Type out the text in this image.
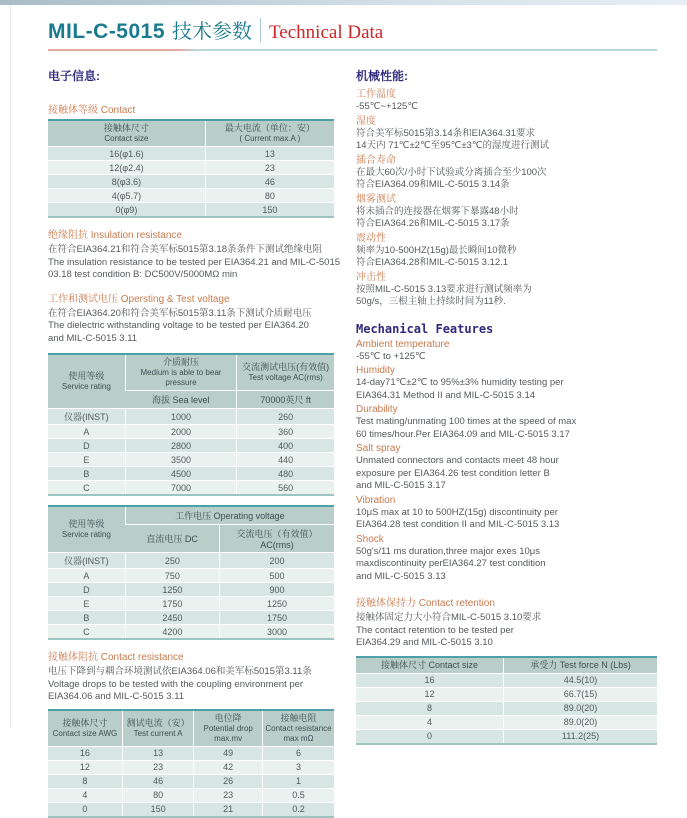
MIL-C-5015 技术参数 Technical Data
电子信息:
接触体等级 Contact
接触体尺寸
Contact size

最大电流（单位：安）
( Current max.A )

16(φ1.6)	13
12(φ2.4)	23
8(φ3.6)	46
4(φ5.7)	80
0(φ9)	150
绝缘阻抗 Insulation resistance
在符合EIA364.21和符合美军标5015第3.18条条件下测试绝缘电阻
The insulation resistance to be tested per EIA364.21 and MIL-C-5015
03.18 test condition B: DC500V/5000MΩ min
工作和测试电压 Opersting & Test voltage
在符合EIA364.20和符合美军标5015第3.11条下测试介质耐电压
The dielectric withstanding voltage to be tested per EIA364.20
and MIL-C-5015 3.11
使用等级
Service rating

介质耐压
Medium is able to bear pressure

交流测试电压(有效值)
Test voltage AC(rms)

	海拔 Sea level	70000英尺 ft
仪器(INST)	1000	260
A	2000	360
D	2800	400
E	3500	440
B	4500	480
C	7000	560
使用等级
Service rating	工作电压 Operating voltage	
	直流电压 DC	交流电压（有效值）AC(rms)
仪器(INST)	250	200
A	750	500
D	1250	900
E	1750	1250
B	2450	1750
C	4200	3000
接触体阻抗 Contact resistance
电压下降到与耦合环境测试依EIA364.06和美军标5015第3.11条
Voltage drops to be tested with the coupling environment per
EIA364.06 and MIL-C-5015 3.11
接触体尺寸
Contact size AWG

测试电流（安）
Test current A

电位降
Potential drop
max.mv

接触电阻
Contact resistance
max mΩ

16	13	49	6
12	23	42	3
8	46	26	1
4	80	23	0.5
0	150	21	0.2
机械性能:
工作温度
-55℃~+125℃
湿度
符合美军标5015第3.14条和EIA364.31要求
14天内 71℃±2℃至95℃±3℃的湿度进行测试
插合寿命
在最大60次/小时下试验或分离插合至少100次
符合EIA364.09和MIL-C-5015 3.14条
烟雾测试
将未插合的连接器在烟雾下暴露48小时
符合EIA364.26和MIL-C-5015 3.17条
震动性
频率为10-500HZ(15g)最长瞬间10微秒
符合EIA364.28和MIL-C-5015 3.12.1
冲击性
按照MIL-C-5015 3.13要求进行测试频率为
50g/s，三根主轴上持续时间为11秒.
Mechanical Features
Ambient temperature
-55℃ to +125℃
Humidity
14-day71℃±2℃ to 95%±3% humidity testing per
EIA364.31 Method II and MIL-C-5015 3.14
Durability
Test mating/unmating 100 times at the speed of max
60 times/hour.Per EIA364.09 and MIL-C-5015 3.17
Salt spray
Unmated connectors and contacts meet 48 hour
exposure per EIA364.26 test condition letter B
and MIL-C-5015 3.17
Vibration
10μS max at 10 to 500HZ(15g) discontinuity per
EIA364.28 test condition II and MIL-C-5015 3.13
Shock
50g's/11 ms duration,three major exes 10μs
maxdiscontinuity perEIA364.27 test condition
and MIL-C-5015 3.13
接触体保持力 Contact retention
接触体固定力大小符合MIL-C-5015 3.10要求
The contact retention to be tested per
EIA364.29 and MIL-C-5015 3.10
接触体尺寸 Contact size	承受力 Test force N (Lbs)

16	44.5(10)
12	66.7(15)
8	89.0(20)
4	89.0(20)
0	111.2(25)
